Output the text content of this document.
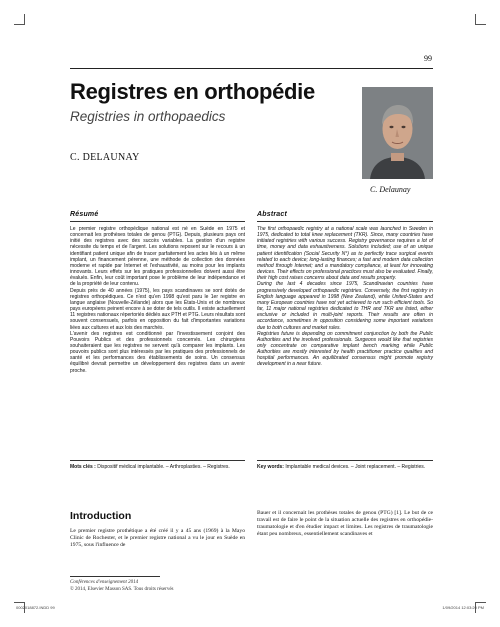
99
Registres en orthopédie
Registries in orthopaedics
C. DELAUNAY
C. Delaunay
Résumé

Le premier registre orthopédique national est né en Suède en 1975 et concernait les prothèses totales de genou (PTG). Depuis, plusieurs pays ont initié des registres avec des succès variables. La gestion d'un registre nécessite du temps et de l'argent. Les solutions reposent sur le recours à un identifiant patient unique afin de tracer parfaitement les actes liés à un même implant, un financement pérenne, une méthode de collection des données moderne et rapide par Internet et l'exhaustivité, au moins pour les implants innovants. Leurs effets sur les pratiques professionnelles doivent aussi être évalués. Enfin, leur coût important pose le problème de leur indépendance et de la propriété de leur contenu.

Depuis près de 40 années (1975), les pays scandinaves se sont dotés de registres orthopédiques. Ce n'est qu'en 1998 qu'est paru le 1er registre en langue anglaise (Nouvelle-Zélande) alors que les États-Unis et de nombreux pays européens peinent encore à se doter de tels outils. Il existe actuellement 11 registres nationaux répertoriés dédiés aux PTH et PTG. Leurs résultats sont souvent consensuels, parfois en opposition du fait d'importantes variations liées aux cultures et aux lois des marchés.

L'avenir des registres est conditionné par l'investissement conjoint des Pouvoirs Publics et des professionnels concernés. Les chirurgiens souhaiteraient que les registres ne servent qu'à comparer les implants. Les pouvoirs publics sont plus intéressés par les pratiques des professionnels de santé et les performances des établissements de soins. Un consensus équilibré devrait permettre un développement des registres dans un avenir proche.

Mots clés : Dispositif médical implantable. – Arthroplasties. – Registres.
Abstract

The first orthopaedic registry at a national scale was launched in Sweden in 1975, dedicated to total knee replacement (TKR). Since, many countries have initiated registries with various success. Registry governance requires a lot of time, money and data exhaustiveness. Solutions included; use of an unique patient identification (Social Security N°) as to perfectly trace surgical events related to each device; long-lasting finances; a fast and modern data collection method through Internet; and a mandatory compliance, at least for innovating devices. Their effects on professional practices must also be evaluated. Finally, their high cost raises concerns about data and results property.

During the last 4 decades since 1975, Scandinavian countries have progressively developed orthopaedic registries. Conversely, the first registry in English language appeared in 1998 (New Zealand), while United-States and many European countries have not yet achieved to run such efficient tools. So far, 11 major national registries dedicated to THR and TKR are listed, either exclusive or included in multi-joint reports. Their results are often in accordance, sometimes in opposition considering some important variations due to both cultures and market rules.

Registries future is depending on commitment conjunction by both the Public Authorities and the involved professionals. Surgeons would like that registries only concentrate on comparative implant bench marking while Public Authorities are mostly interested by health practitioner practice qualities and hospital performances. An equilibrated consensus might promote registry development in a near future.

Key words: Implantable medical devices. – Joint replacement. – Registries.
Introduction
Le premier registre prothétique a été créé il y a 45 ans (1969) à la Mayo Clinic de Rochester, et le premier registre national a vu le jour en Suède en 1975, sous l'influence de
Bauer et il concernait les prothèses totales de genou (PTG) [1]. Le but de ce travail est de faire le point de la situation actuelle des registres en orthopédie-traumatologie et d'en étudier impact et limites. Les registres de traumatologie étant peu nombreux, essentiellement scandinaves et
Conférences d'enseignement 2014
© 2014, Elsevier Masson SAS. Tous droits réservés
0002018872.INDD 99	1/09/2014 12:03:20 PM
